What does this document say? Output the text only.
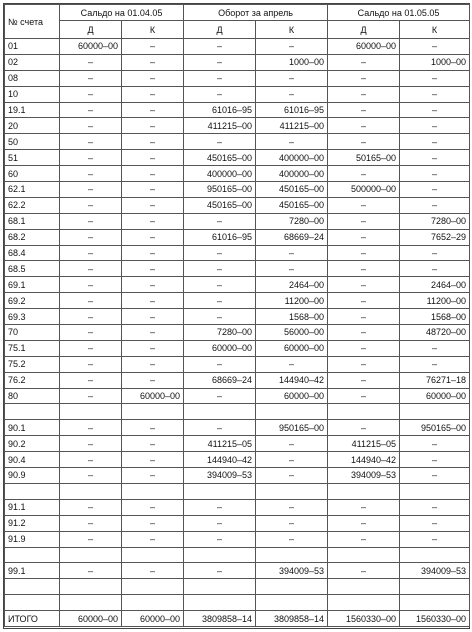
№ счета	Сальдо на 01.04.05		Оборот за апрель		Сальдо на 01.05.05	
	Д	К	Д	К	Д	К
01	60000–00	–	–	–	60000–00	–
02	–	–	–	1000–00	–	1000–00
08	–	–	–	–	–	–
10	–	–	–	–	–	–
19.1	–	–	61016–95	61016–95	–	–
20	–	–	411215–00	411215–00	–	–
50	–	–	–	–	–	–
51	–	–	450165–00	400000–00	50165–00	–
60	–	–	400000–00	400000–00	–	–
62.1	–	–	950165–00	450165–00	500000–00	–
62.2	–	–	450165–00	450165–00	–	–
68.1	–	–	–	7280–00	–	7280–00
68.2	–	–	61016–95	68669–24	–	7652–29
68.4	–	–	–	–	–	–
68.5	–	–	–	–	–	–
69.1	–	–	–	2464–00	–	2464–00
69.2	–	–	–	11200–00	–	11200–00
69.3	–	–	–	1568–00	–	1568–00
70	–	–	7280–00	56000–00	–	48720–00
75.1	–	–	60000–00	60000–00	–	–
75.2	–	–	–	–	–	–
76.2	–	–	68669–24	144940–42	–	76271–18
80	–	60000–00	–	60000–00	–	60000–00

90.1	–	–	–	950165–00	–	950165–00
90.2	–	–	411215–05	–	411215–05	–
90.4	–	–	144940–42	–	144940–42	–
90.9	–	–	394009–53	–	394009–53	–

91.1	–	–	–	–	–	–
91.2	–	–	–	–	–	–
91.9	–	–	–	–	–	–

99.1	–	–	–	394009–53	–	394009–53

ИТОГО	60000–00	60000–00	3809858–14	3809858–14	1560330–00	1560330–00
